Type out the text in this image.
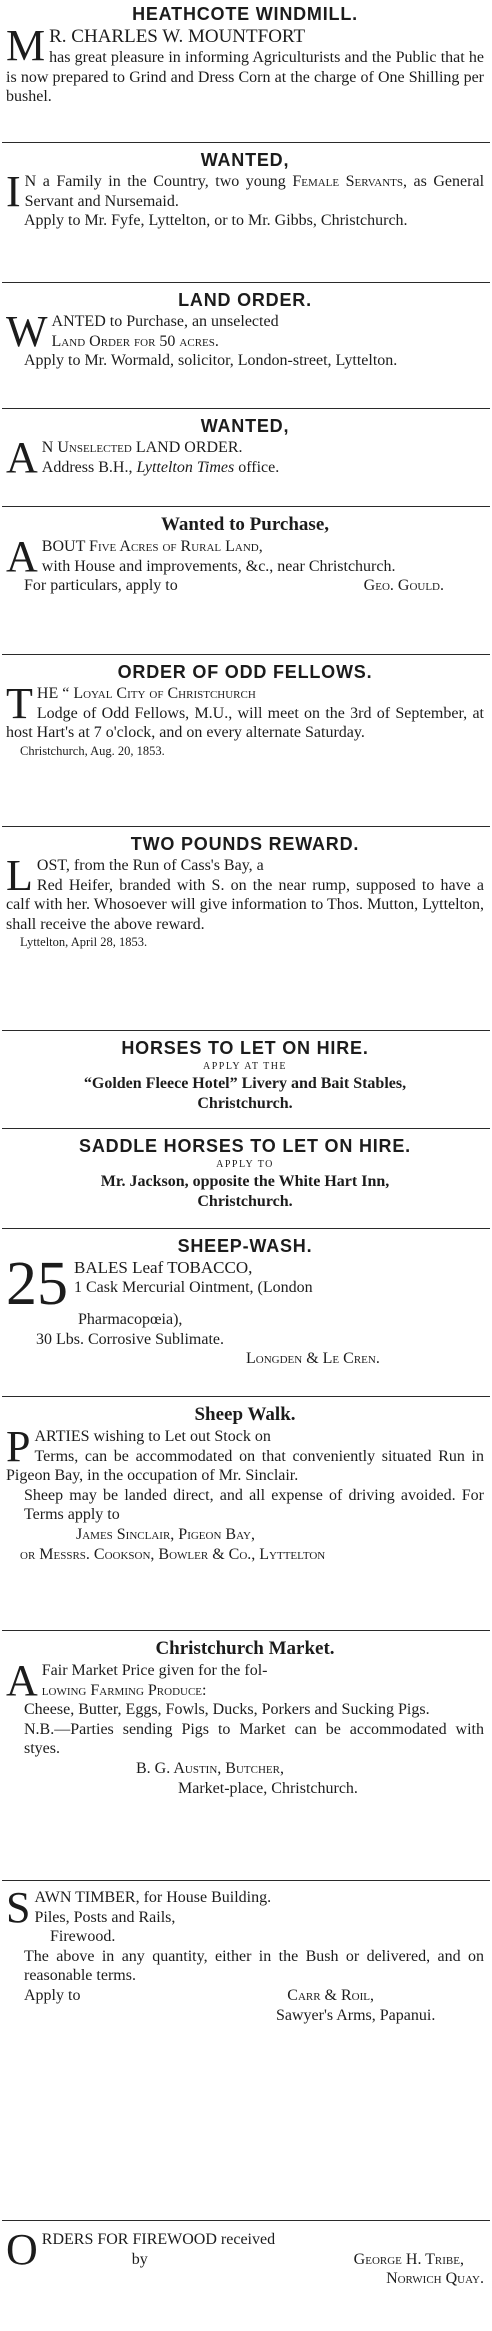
HEATHCOTE WINDMILL.
M R. CHARLES W. MOUNTFORT

has great pleasure in informing Agriculturists and the Public that he is now prepared to Grind and Dress Corn at the charge of One Shilling per bushel.

WANTED,
I N a Family in the Country, two young Female Servants, as General Servant and Nursemaid.

Apply to Mr. Fyfe, Lyttelton, or to Mr. Gibbs, Christchurch.

LAND ORDER.
W ANTED to Purchase, an unselected

Land Order for 50 acres.

Apply to Mr. Wormald, solicitor, London-street, Lyttelton.

WANTED,
A N Unselected LAND ORDER.

Address B.H., Lyttelton Times office.

Wanted to Purchase,
A BOUT Five Acres of Rural Land,

with House and improvements, &c., near Christchurch.

For particulars, apply to	Geo. Gould.
ORDER OF ODD FELLOWS.
T HE “ Loyal City of Christchurch

Lodge of Odd Fellows, M.U., will meet on the 3rd of September, at host Hart's at 7 o'clock, and on every alternate Saturday.

Christchurch, Aug. 20, 1853.

TWO POUNDS REWARD.
L OST, from the Run of Cass's Bay, a

Red Heifer, branded with S. on the near rump, supposed to have a calf with her. Whosoever will give information to Thos. Mutton, Lyttelton, shall receive the above reward.

Lyttelton, April 28, 1853.

HORSES TO LET ON HIRE.
APPLY AT THE
“Golden Fleece Hotel” Livery and Bait Stables,
Christchurch.
SADDLE HORSES TO LET ON HIRE.
APPLY TO
Mr. Jackson, opposite the White Hart Inn,
Christchurch.
SHEEP-WASH.
25 BALES Leaf TOBACCO,

1 Cask Mercurial Ointment, (London

Pharmacopœia),

30 Lbs. Corrosive Sublimate.

Longden & Le Cren.

Sheep Walk.
P ARTIES wishing to Let out Stock on

Terms, can be accommodated on that conveniently situated Run in Pigeon Bay, in the occupation of Mr. Sinclair.

Sheep may be landed direct, and all expense of driving avoided. For Terms apply to

James Sinclair, Pigeon Bay,

or Messrs. Cookson, Bowler & Co., Lyttelton

Christchurch Market.
A Fair Market Price given for the fol-

lowing Farming Produce:

Cheese, Butter, Eggs, Fowls, Ducks, Porkers and Sucking Pigs.

N.B.—Parties sending Pigs to Market can be accommodated with styes.

B. G. Austin, Butcher,

Market-place, Christchurch.

S AWN TIMBER, for House Building.

Piles, Posts and Rails,

Firewood.

The above in any quantity, either in the Bush or delivered, and on reasonable terms.

Apply to	Carr & Roil,

Sawyer's Arms, Papanui.

O RDERS FOR FIREWOOD received

by	George H. Tribe,

Norwich Quay.
